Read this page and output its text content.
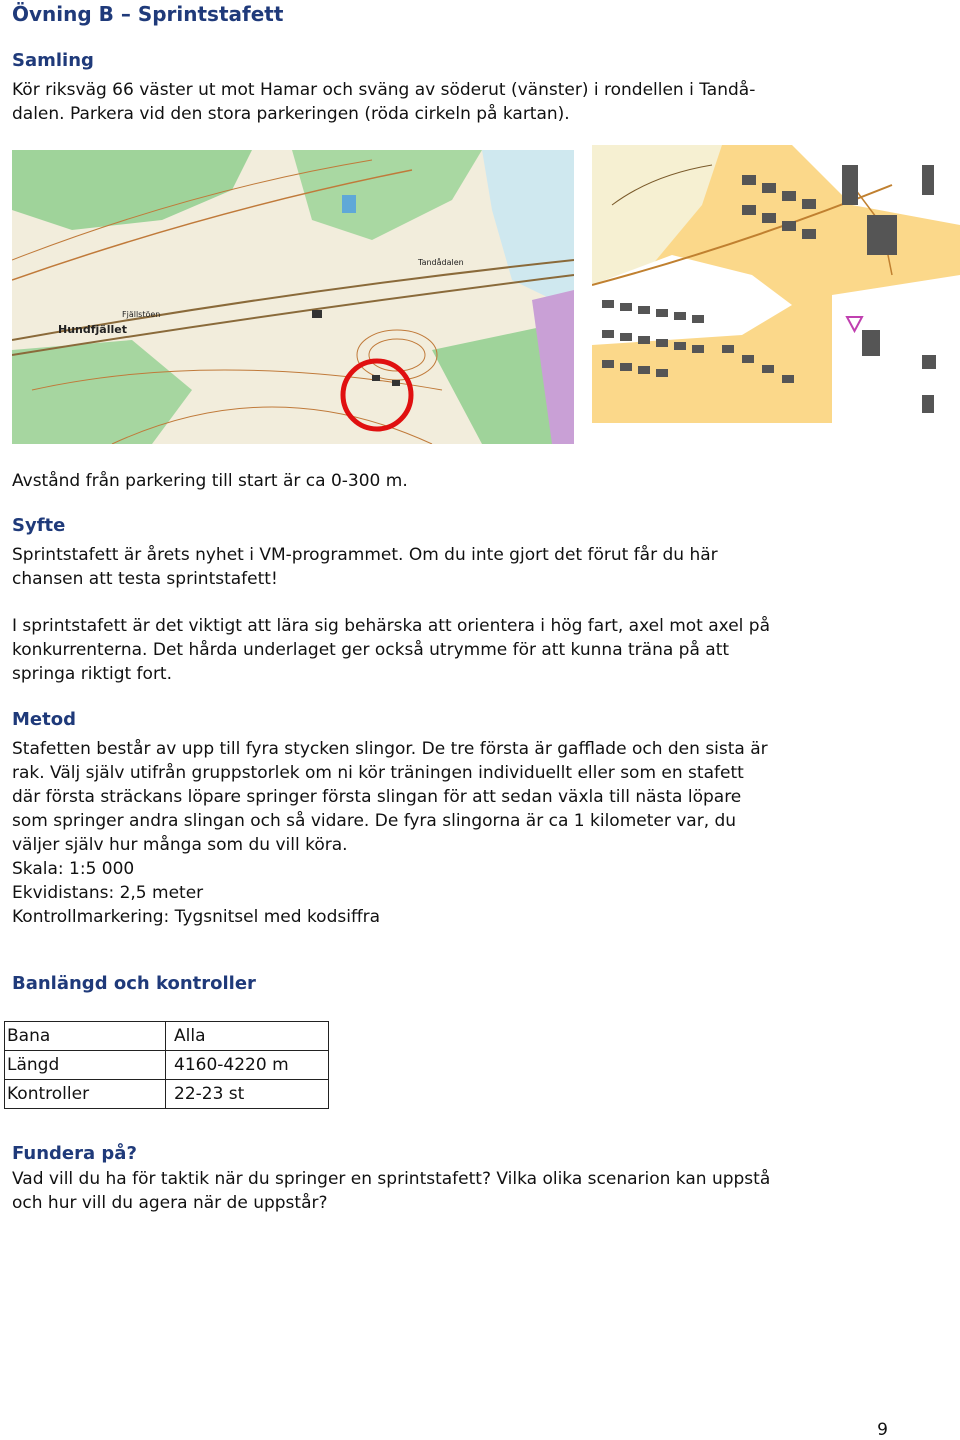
Övning B – Sprintstafett
Samling

Kör riksväg 66 väster ut mot Hamar och sväng av söderut (vänster) i rondellen i Tandå-

dalen. Parkera vid den stora parkeringen (röda cirkeln på kartan).

Hundfjället
Tandådalen
Fjällstöen

Avstånd från parkering till start är ca 0-300 m.

Syfte

Sprintstafett är årets nyhet i VM-programmet. Om du inte gjort det förut får du här

chansen att testa sprintstafett!

I sprintstafett är det viktigt att lära sig behärska att orientera i hög fart, axel mot axel på

konkurrenterna. Det hårda underlaget ger också utrymme för att kunna träna på att

springa riktigt fort.

Metod

Stafetten består av upp till fyra stycken slingor. De tre första är gafflade och den sista är

rak. Välj själv utifrån gruppstorlek om ni kör träningen individuellt eller som en stafett

där första sträckans löpare springer första slingan för att sedan växla till nästa löpare

som springer andra slingan och så vidare. De fyra slingorna är ca 1 kilometer var, du

väljer själv hur många som du vill köra.

Skala: 1:5 000

Ekvidistans: 2,5 meter

Kontrollmarkering: Tygsnitsel med kodsiffra

Banlängd och kontroller
Bana	Alla
Längd	4160-4220 m
Kontroller	22-23 st
Fundera på?

Vad vill du ha för taktik när du springer en sprintstafett? Vilka olika scenarion kan uppstå

och hur vill du agera när de uppstår?

9
